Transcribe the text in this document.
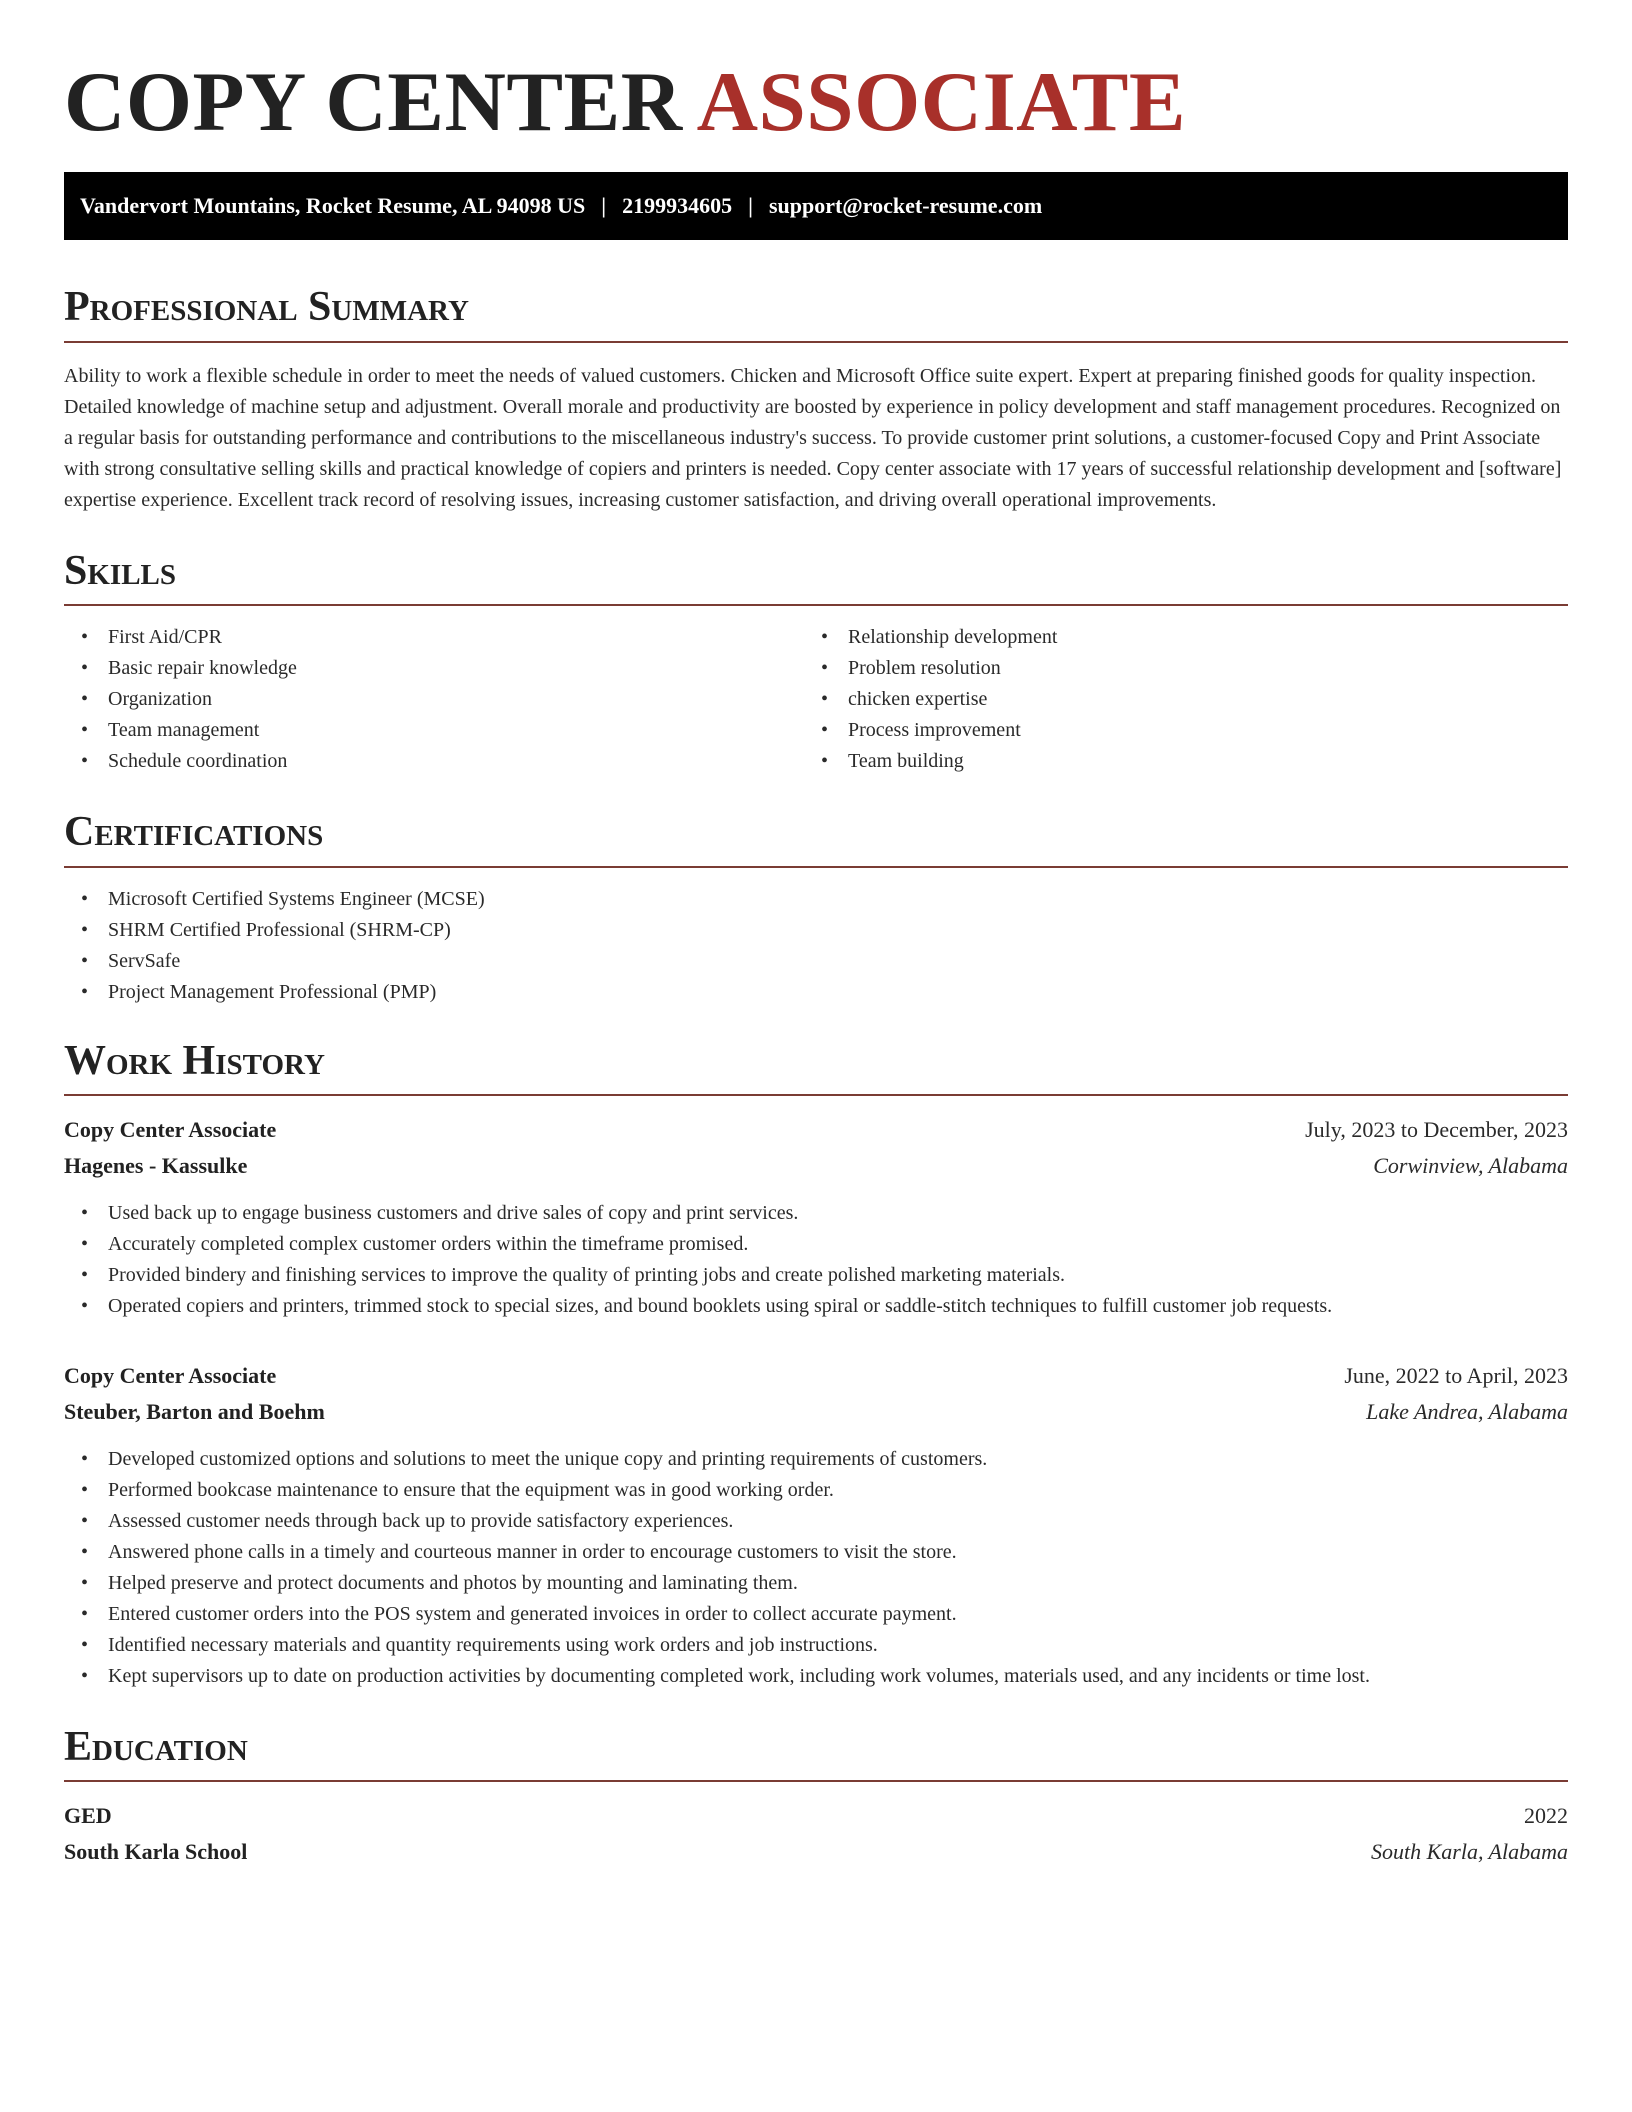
COPY CENTER ASSOCIATE
Vandervort Mountains, Rocket Resume, AL 94098 US | 2199934605 | support@rocket-resume.com
Professional Summary

Ability to work a flexible schedule in order to meet the needs of valued customers. Chicken and Microsoft Office suite expert. Expert at preparing finished goods for quality inspection. Detailed knowledge of machine setup and adjustment. Overall morale and productivity are boosted by experience in policy development and staff management procedures. Recognized on a regular basis for outstanding performance and contributions to the miscellaneous industry's success. To provide customer print solutions, a customer-focused Copy and Print Associate with strong consultative selling skills and practical knowledge of copiers and printers is needed. Copy center associate with 17 years of successful relationship development and [software] expertise experience. Excellent track record of resolving issues, increasing customer satisfaction, and driving overall operational improvements.

Skills
• First Aid/CPR
• Basic repair knowledge
• Organization
• Team management
• Schedule coordination
• Relationship development
• Problem resolution
• chicken expertise
• Process improvement
• Team building
Certifications
• Microsoft Certified Systems Engineer (MCSE)
• SHRM Certified Professional (SHRM-CP)
• ServSafe
• Project Management Professional (PMP)
Work History
Copy Center Associate	July, 2023 to December, 2023
Hagenes - Kassulke	Corwinview, Alabama
• Used back up to engage business customers and drive sales of copy and print services.
• Accurately completed complex customer orders within the timeframe promised.
• Provided bindery and finishing services to improve the quality of printing jobs and create polished marketing materials.
• Operated copiers and printers, trimmed stock to special sizes, and bound booklets using spiral or saddle-stitch techniques to fulfill customer job requests.
Copy Center Associate	June, 2022 to April, 2023
Steuber, Barton and Boehm	Lake Andrea, Alabama
• Developed customized options and solutions to meet the unique copy and printing requirements of customers.
• Performed bookcase maintenance to ensure that the equipment was in good working order.
• Assessed customer needs through back up to provide satisfactory experiences.
• Answered phone calls in a timely and courteous manner in order to encourage customers to visit the store.
• Helped preserve and protect documents and photos by mounting and laminating them.
• Entered customer orders into the POS system and generated invoices in order to collect accurate payment.
• Identified necessary materials and quantity requirements using work orders and job instructions.
• Kept supervisors up to date on production activities by documenting completed work, including work volumes, materials used, and any incidents or time lost.
Education
GED	2022
South Karla School	South Karla, Alabama
